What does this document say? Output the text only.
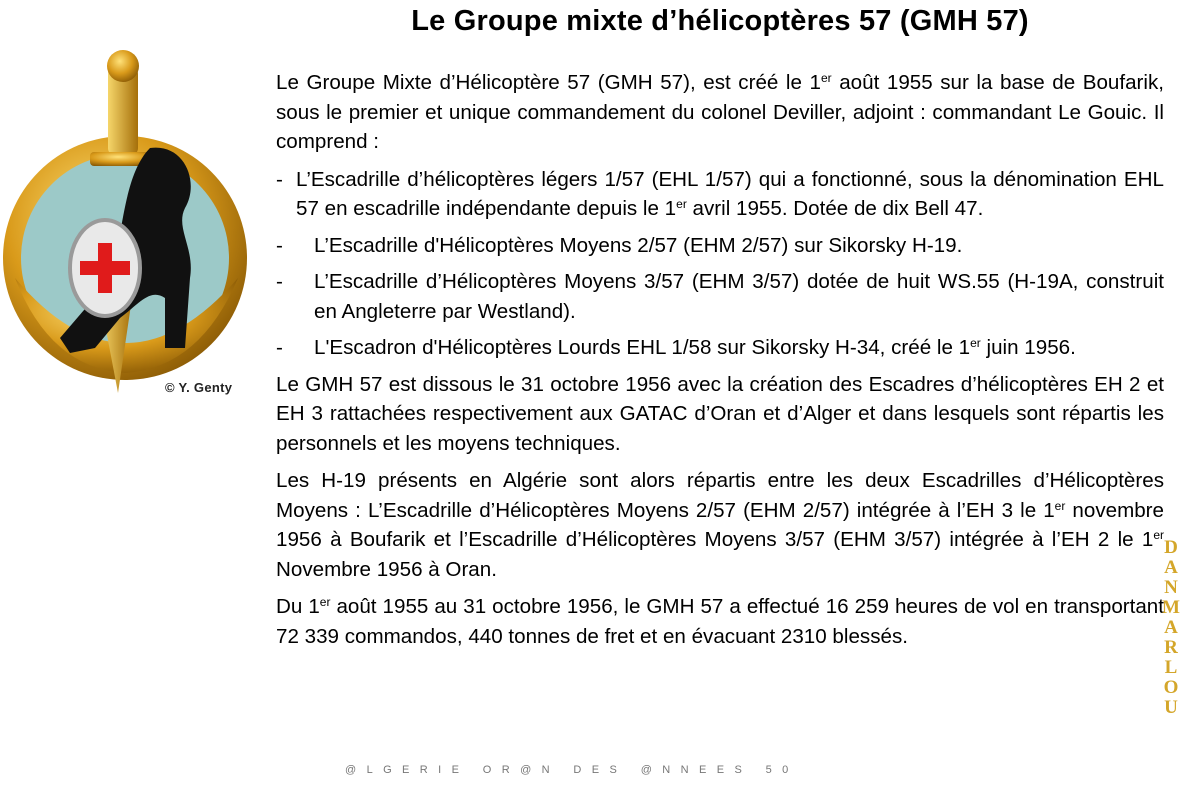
Le Groupe mixte d’hélicoptères 57 (GMH 57)
© Y. Genty

Le Groupe Mixte d’Hélicoptère 57 (GMH 57), est créé le 1er août 1955 sur la base de Boufarik, sous le premier et unique commandement du colonel Deviller, adjoint : commandant Le Gouic. Il comprend :

- L’Escadrille d’hélicoptères légers 1/57 (EHL 1/57) qui a fonctionné, sous la dénomination EHL 57 en escadrille indépendante depuis le 1er avril 1955. Dotée de dix Bell 47.
-	L’Escadrille d'Hélicoptères Moyens 2/57 (EHM 2/57) sur Sikorsky H-19.
-	L’Escadrille d’Hélicoptères Moyens 3/57 (EHM 3/57) dotée de huit WS.55 (H-19A, construit en Angleterre par Westland).
-	L'Escadron d'Hélicoptères Lourds EHL 1/58 sur Sikorsky H-34, créé le 1er juin 1956.

Le GMH 57 est dissous le 31 octobre 1956 avec la création des Escadres d’hélicoptères EH 2 et EH 3 rattachées respectivement aux GATAC d’Oran et d’Alger et dans lesquels sont répartis les personnels et les moyens techniques.

Les H-19 présents en Algérie sont alors répartis entre les deux Escadrilles d’Hélicoptères Moyens : L’Escadrille d’Hélicoptères Moyens 2/57 (EHM 2/57) intégrée à l’EH 3 le 1er novembre 1956 à Boufarik et l’Escadrille d’Hélicoptères Moyens 3/57 (EHM 3/57) intégrée à l’EH 2 le 1er Novembre 1956 à Oran.

Du 1er août 1955 au 31 octobre 1956, le GMH 57 a effectué 16 259 heures de vol en transportant 72 339 commandos, 440 tonnes de fret et en évacuant 2310 blessés.

@LGERIE OR@N DES @NNEES 50
D
A
N
M
A
R
L
O
U
